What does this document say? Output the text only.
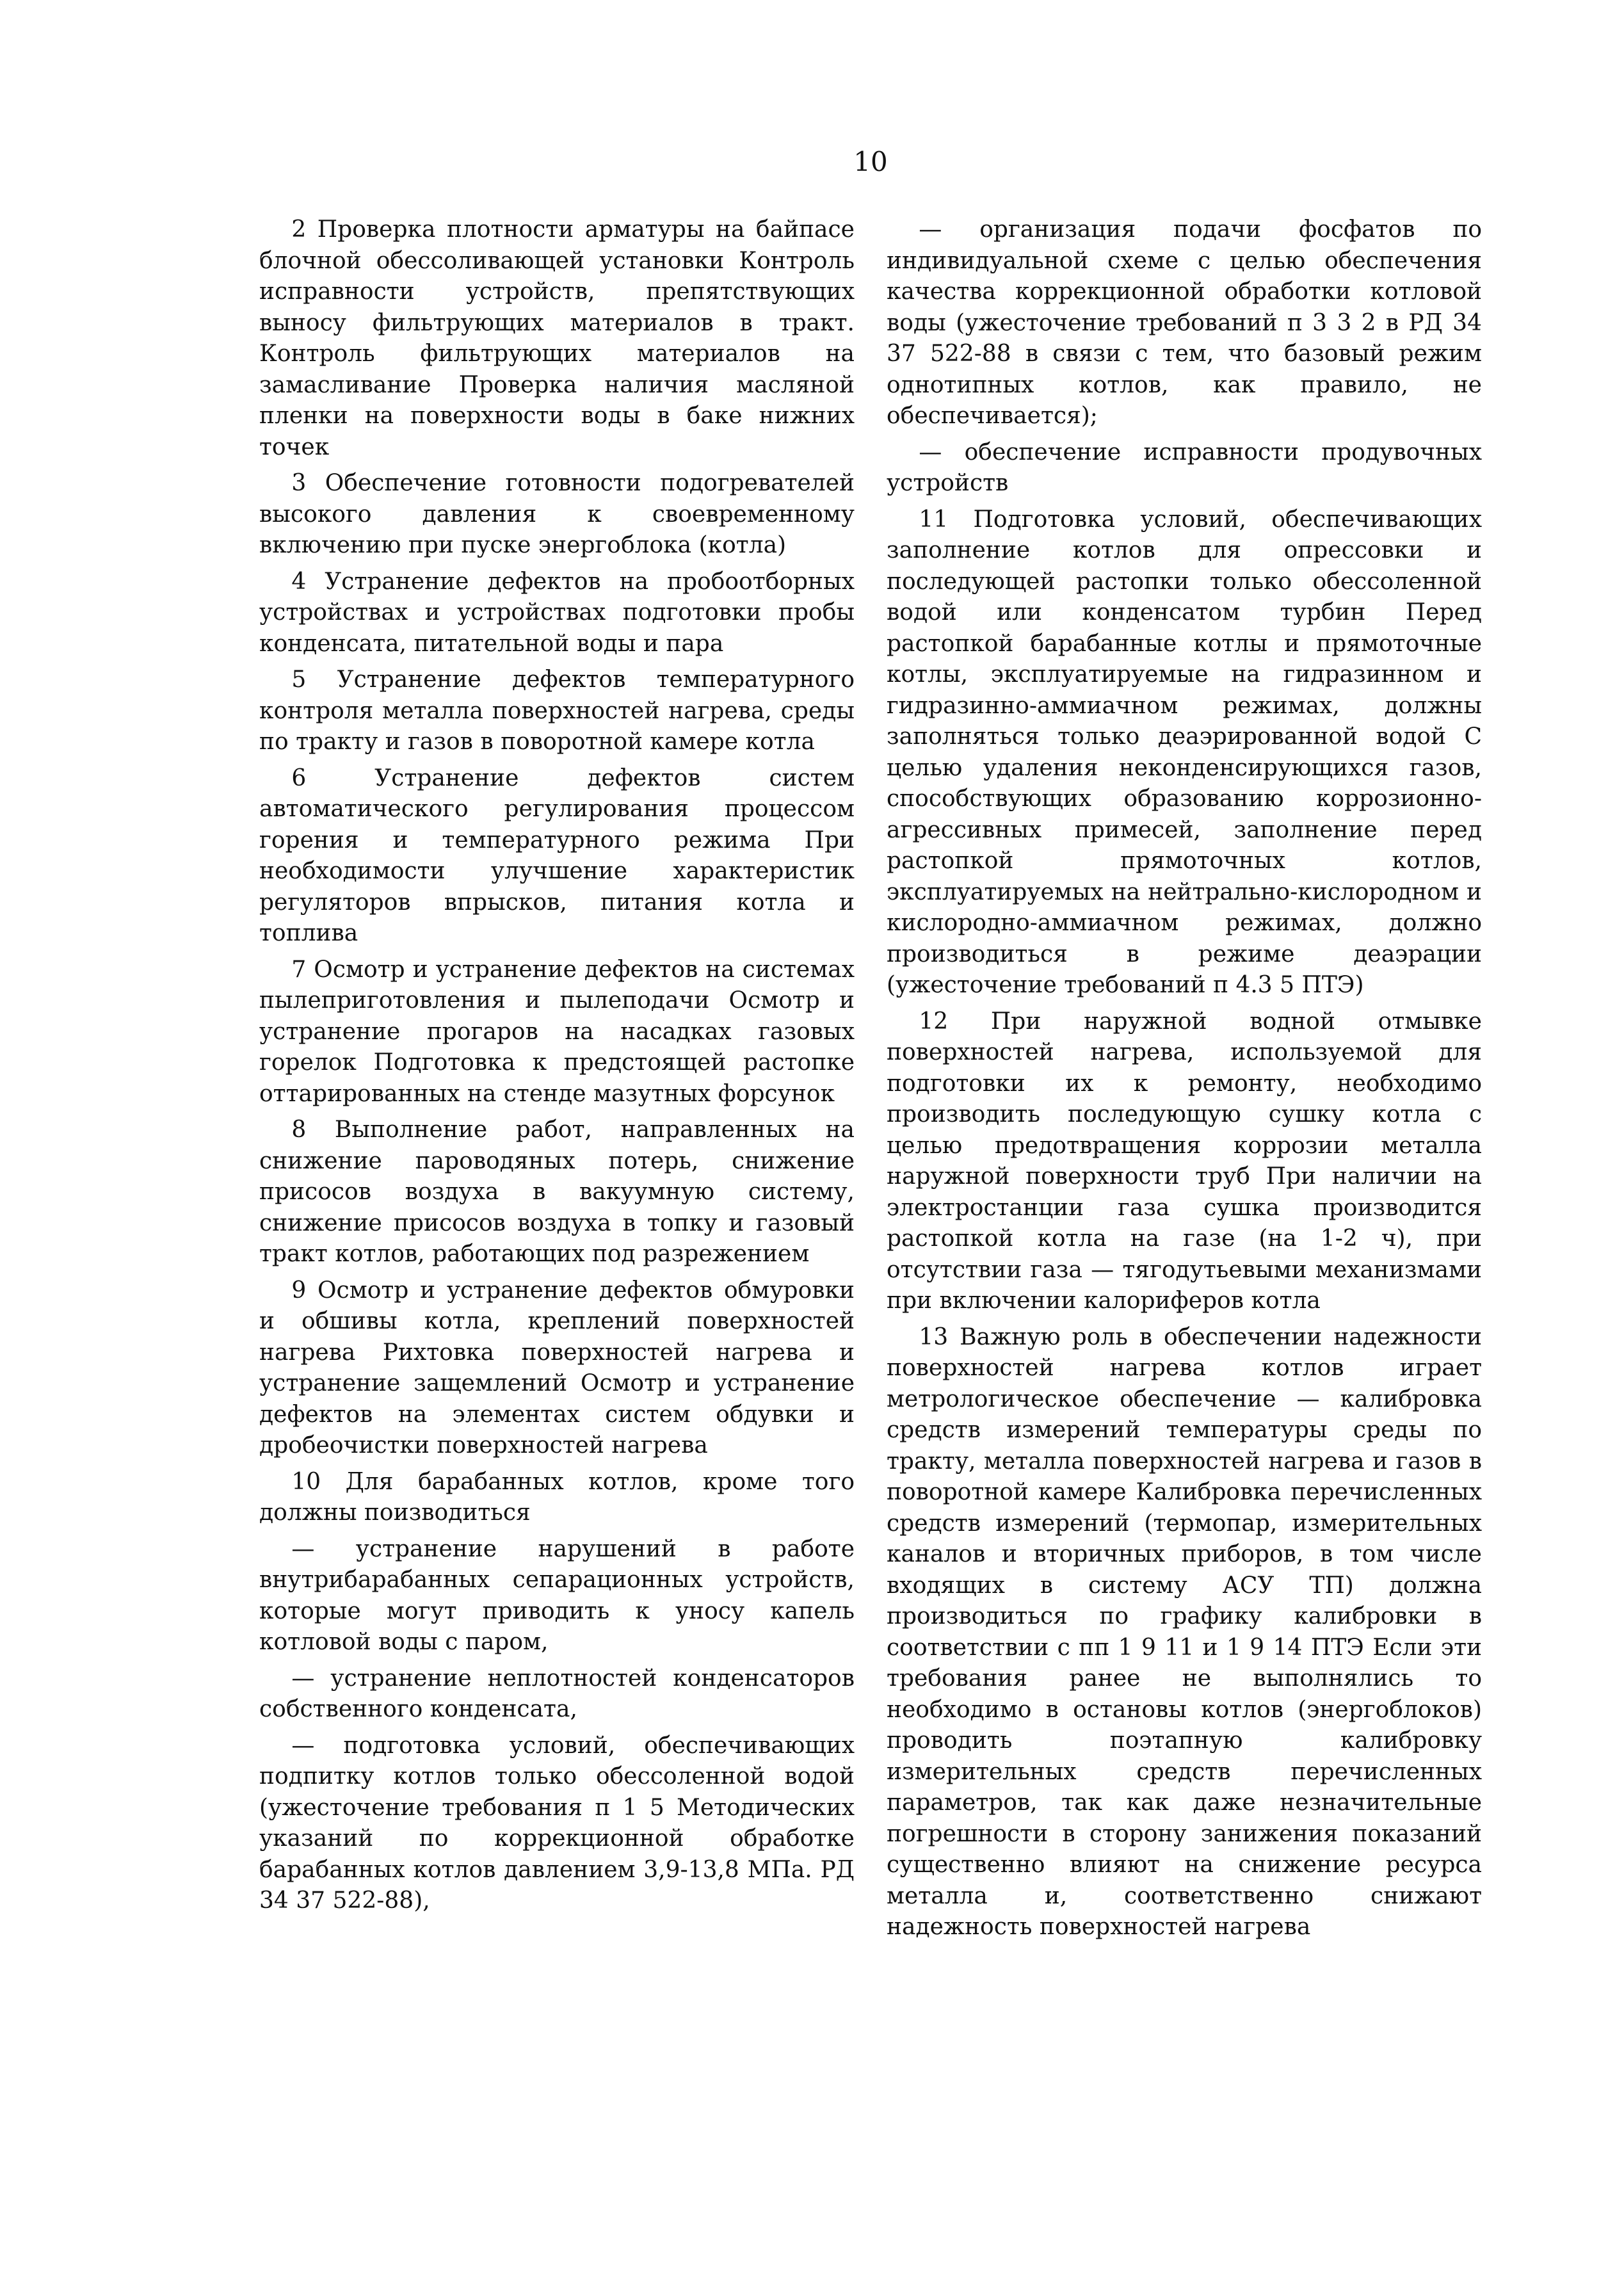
10

2 Проверка плотности арматуры на байпасе блочной обессоливающей установки Контроль исправности устройств, препятствующих выносу фильтрующих материалов в тракт. Контроль фильтрующих материалов на замасливание Проверка наличия масляной пленки на поверхности воды в баке нижних точек

3 Обеспечение готовности подогревателей высокого давления к своевременному включению при пуске энергоблока (котла)

4 Устранение дефектов на пробоотборных устройствах и устройствах подготовки пробы конденсата, питательной воды и пара

5 Устранение дефектов температурного контроля металла поверхностей нагрева, среды по тракту и газов в поворотной камере котла

6 Устранение дефектов систем автоматического регулирования процессом горения и температурного режима При необходимости улучшение характеристик регуляторов впрысков, питания котла и топлива

7 Осмотр и устранение дефектов на системах пылеприготовления и пылеподачи Осмотр и устранение прогаров на насадках газовых горелок Подготовка к предстоящей растопке оттарированных на стенде мазутных форсунок

8 Выполнение работ, направленных на снижение пароводяных потерь, снижение присосов воздуха в вакуумную систему, снижение присосов воздуха в топку и газовый тракт котлов, работающих под разрежением

9 Осмотр и устранение дефектов обмуровки и обшивы котла, креплений поверхностей нагрева Рихтовка поверхностей нагрева и устранение защемлений Осмотр и устранение дефектов на элементах систем обдувки и дробеочистки поверхностей нагрева

10 Для барабанных котлов, кроме того должны поизводиться

— устранение нарушений в работе внутрибарабанных сепарационных устройств, которые могут приводить к уносу капель котловой воды с паром,

— устранение неплотностей конденсаторов собственного конденсата,

— подготовка условий, обеспечивающих подпитку котлов только обессоленной водой (ужесточение требования п 1 5 Методических указаний по коррекционной обработке барабанных котлов давлением 3,9-13,8 МПа. РД 34 37 522-88),

— организация подачи фосфатов по индивидуальной схеме с целью обеспечения качества коррекционной обработки котловой воды (ужесточение требований п 3 3 2 в РД 34 37 522-88 в связи с тем, что базовый режим однотипных котлов, как правило, не обеспечивается);

— обеспечение исправности продувочных устройств

11 Подготовка условий, обеспечивающих заполнение котлов для опрессовки и последующей растопки только обессоленной водой или конденсатом турбин Перед растопкой барабанные котлы и прямоточные котлы, эксплуатируемые на гидразинном и гидразинно-аммиачном режимах, должны заполняться только деаэрированной водой С целью удаления неконденсирующихся газов, способствующих образованию коррозионно-агрессивных примесей, заполнение перед растопкой прямоточных котлов, эксплуатируемых на нейтрально-кислородном и кислородно-аммиачном режимах, должно производиться в режиме деаэрации (ужесточение требований п 4.3 5 ПТЭ)

12 При наружной водной отмывке поверхностей нагрева, используемой для подготовки их к ремонту, необходимо производить последующую сушку котла с целью предотвращения коррозии металла наружной поверхности труб При наличии на электростанции газа сушка производится растопкой котла на газе (на 1-2 ч), при отсутствии газа — тягодутьевыми механизмами при включении калориферов котла

13 Важную роль в обеспечении надежности поверхностей нагрева котлов играет метрологическое обеспечение — калибровка средств измерений температуры среды по тракту, металла поверхностей нагрева и газов в поворотной камере Калибровка перечисленных средств измерений (термопар, измерительных каналов и вторичных приборов, в том числе входящих в систему АСУ ТП) должна производиться по графику калибровки в соответствии с пп 1 9 11 и 1 9 14 ПТЭ Если эти требования ранее не выполнялись то необходимо в остановы котлов (энергоблоков) проводить поэтапную калибровку измерительных средств перечисленных параметров, так как даже незначительные погрешности в сторону занижения показаний существенно влияют на снижение ресурса металла и, соответственно снижают надежность поверхностей нагрева
